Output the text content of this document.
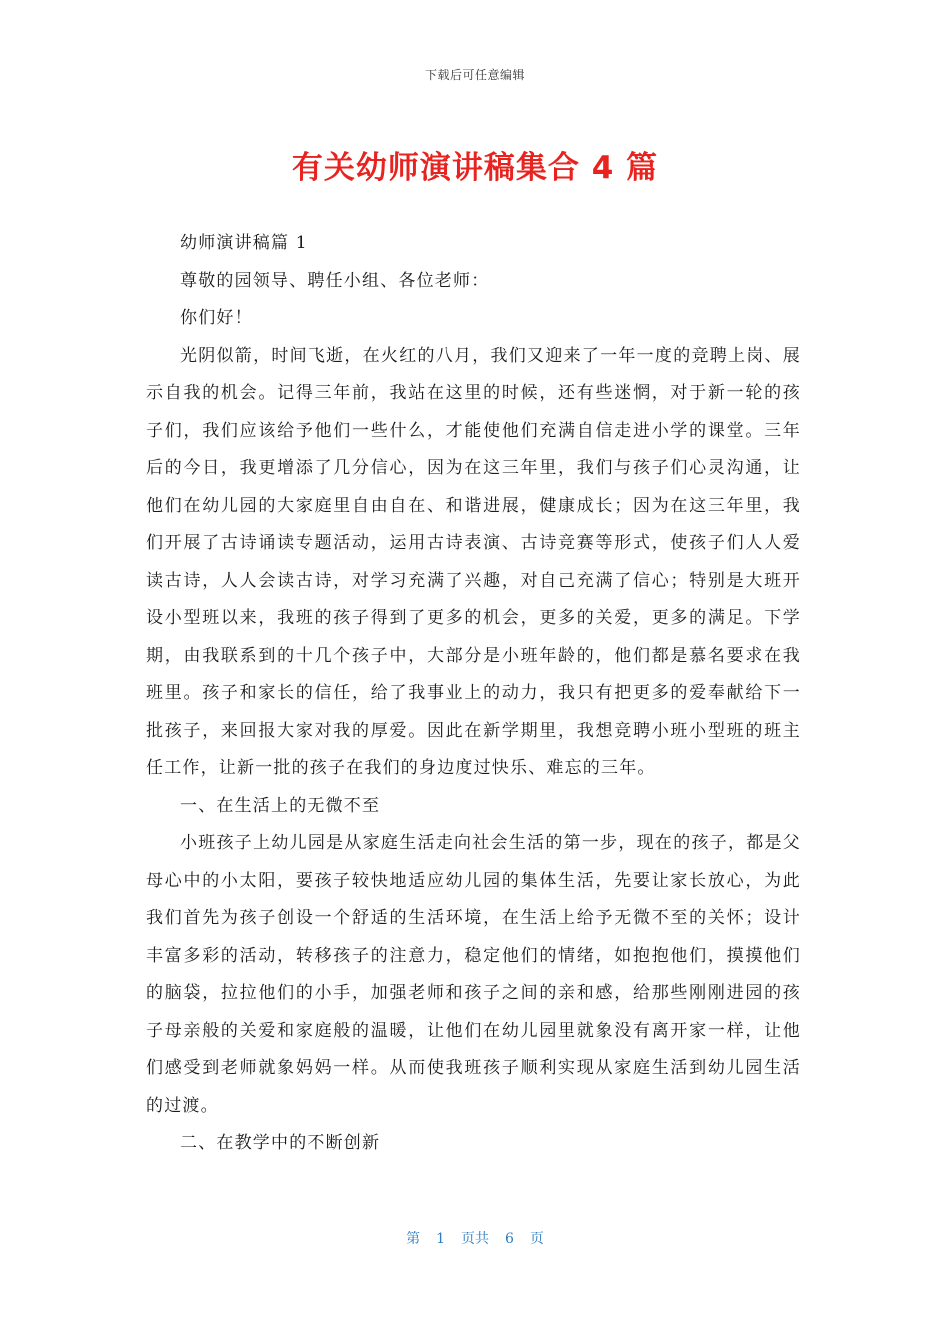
下载后可任意编辑
有关幼师演讲稿集合 4 篇

幼师演讲稿篇 1

尊敬的园领导、聘任小组、各位老师：

你们好！

光阴似箭，时间飞逝，在火红的八月，我们又迎来了一年一度的竞聘上岗、展示自我的机会。记得三年前，我站在这里的时候，还有些迷惘，对于新一轮的孩子们，我们应该给予他们一些什么，才能使他们充满自信走进小学的课堂。三年后的今日，我更增添了几分信心，因为在这三年里，我们与孩子们心灵沟通，让他们在幼儿园的大家庭里自由自在、和谐进展，健康成长；因为在这三年里，我们开展了古诗诵读专题活动，运用古诗表演、古诗竞赛等形式，使孩子们人人爱读古诗，人人会读古诗，对学习充满了兴趣，对自己充满了信心；特别是大班开设小型班以来，我班的孩子得到了更多的机会，更多的关爱，更多的满足。下学期，由我联系到的十几个孩子中，大部分是小班年龄的，他们都是慕名要求在我班里。孩子和家长的信任，给了我事业上的动力，我只有把更多的爱奉献给下一批孩子，来回报大家对我的厚爱。因此在新学期里，我想竞聘小班小型班的班主任工作，让新一批的孩子在我们的身边度过快乐、难忘的三年。

一、在生活上的无微不至

小班孩子上幼儿园是从家庭生活走向社会生活的第一步，现在的孩子，都是父母心中的小太阳，要孩子较快地适应幼儿园的集体生活，先要让家长放心，为此我们首先为孩子创设一个舒适的生活环境，在生活上给予无微不至的关怀；设计丰富多彩的活动，转移孩子的注意力，稳定他们的情绪，如抱抱他们，摸摸他们的脑袋，拉拉他们的小手，加强老师和孩子之间的亲和感，给那些刚刚进园的孩子母亲般的关爱和家庭般的温暖，让他们在幼儿园里就象没有离开家一样，让他们感受到老师就象妈妈一样。从而使我班孩子顺利实现从家庭生活到幼儿园生活的过渡。

二、在教学中的不断创新

第 1 页共 6 页
